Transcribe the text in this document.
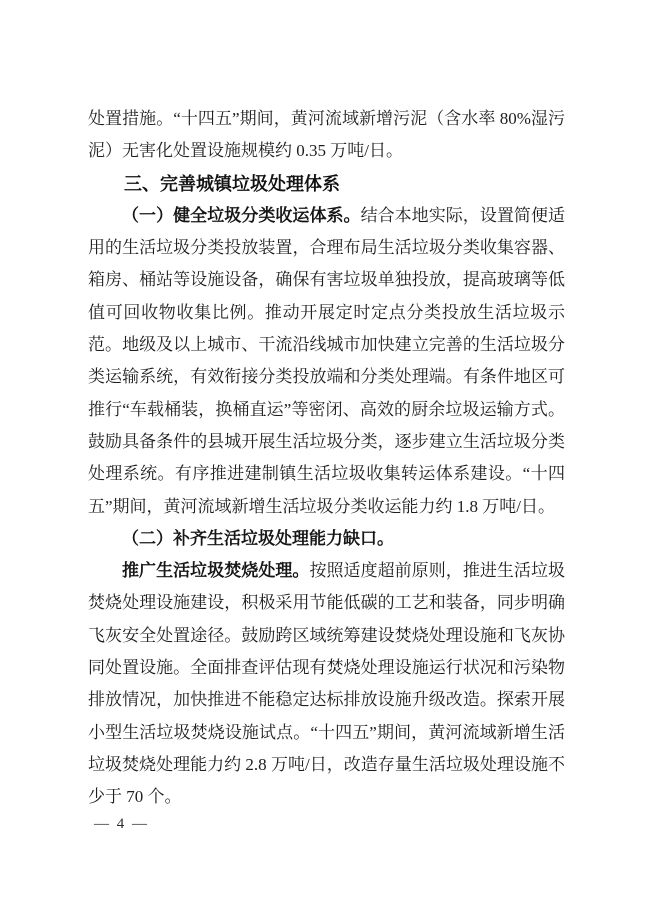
处置措施。“十四五”期间，黄河流域新增污泥（含水率 80%湿污泥）无害化处置设施规模约 0.35 万吨/日。

三、完善城镇垃圾处理体系

（一）健全垃圾分类收运体系。结合本地实际，设置简便适用的生活垃圾分类投放装置，合理布局生活垃圾分类收集容器、箱房、桶站等设施设备，确保有害垃圾单独投放，提高玻璃等低值可回收物收集比例。推动开展定时定点分类投放生活垃圾示范。地级及以上城市、干流沿线城市加快建立完善的生活垃圾分类运输系统，有效衔接分类投放端和分类处理端。有条件地区可推行“车载桶装，换桶直运”等密闭、高效的厨余垃圾运输方式。鼓励具备条件的县城开展生活垃圾分类，逐步建立生活垃圾分类处理系统。有序推进建制镇生活垃圾收集转运体系建设。“十四五”期间，黄河流域新增生活垃圾分类收运能力约 1.8 万吨/日。

（二）补齐生活垃圾处理能力缺口。

推广生活垃圾焚烧处理。按照适度超前原则，推进生活垃圾焚烧处理设施建设，积极采用节能低碳的工艺和装备，同步明确飞灰安全处置途径。鼓励跨区域统筹建设焚烧处理设施和飞灰协同处置设施。全面排查评估现有焚烧处理设施运行状况和污染物排放情况，加快推进不能稳定达标排放设施升级改造。探索开展小型生活垃圾焚烧设施试点。“十四五”期间，黄河流域新增生活垃圾焚烧处理能力约 2.8 万吨/日，改造存量生活垃圾处理设施不少于 70 个。

— 4 —
